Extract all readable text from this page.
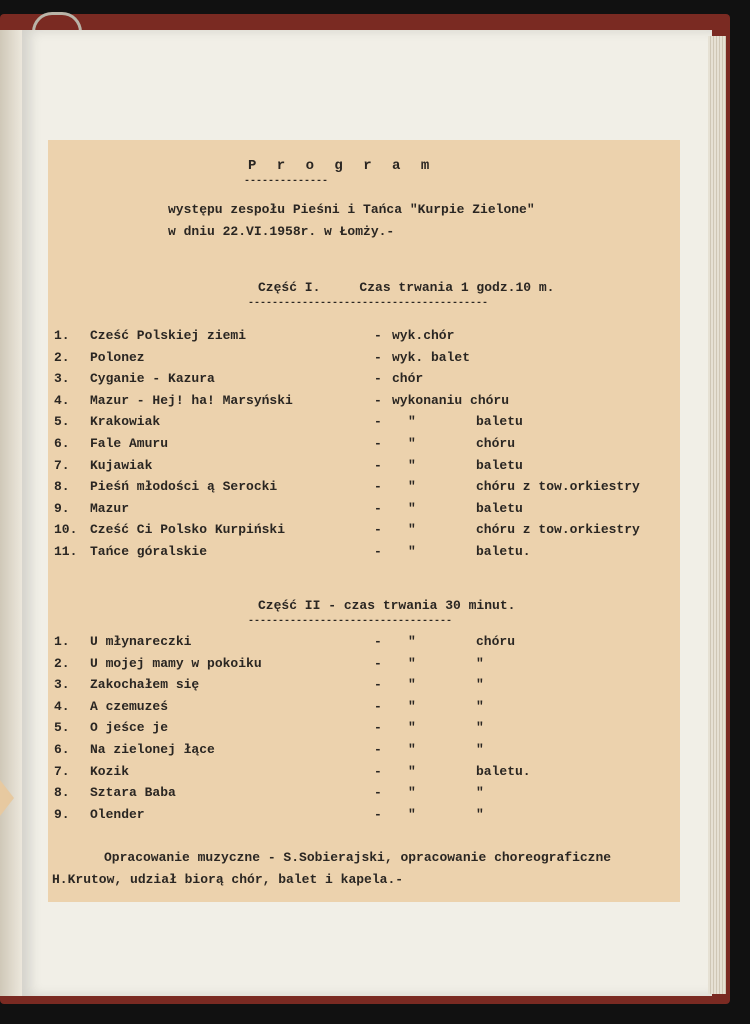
P r o g r a m
--------------
występu zespołu Pieśni i Tańca "Kurpie Zielone"
w dniu 22.VI.1958r. w Łomży.-
Część I.     Czas trwania 1 godz.10 m.
----------------------------------------
1. Cześć Polskiej ziemi	- wyk.chór
2. Polonez	- wyk. balet
3. Cyganie - Kazura	- chór
4. Mazur - Hej! ha! Marsyński	- wykonaniu chóru
5. Krakowiak	- "	baletu
6. Fale Amuru	- "	chóru
7. Kujawiak	- "	baletu
8. Pieśń młodości ą Serocki	- "	chóru z tow.orkiestry
9. Mazur	- "	baletu
10. Cześć Ci Polsko Kurpiński	- "	chóru z tow.orkiestry
11. Tańce góralskie	- "	baletu.
Część II - czas trwania 30 minut.
----------------------------------
1. U młynareczki	- "	chóru
2. U mojej mamy w pokoiku	- "	"
3. Zakochałem się	- "	"
4. A czemuześ	- "	"
5. O jeśce je	- "	"
6. Na zielonej łące	- "	"
7. Kozik	- "	baletu.
8. Sztara Baba	- "	"
9. Olender	- "	"
Opracowanie muzyczne - S.Sobierajski, opracowanie choreograficzne
H.Krutow, udział biorą chór, balet i kapela.-
